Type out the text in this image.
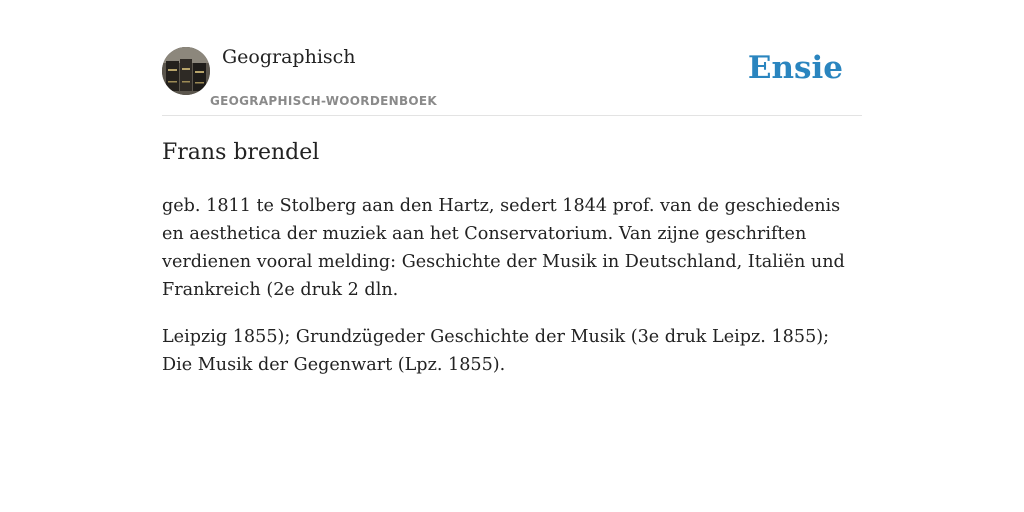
Geographisch
GEOGRAPHISCH-WOORDENBOEK
Ensie
Frans brendel

geb. 1811 te Stolberg aan den Hartz, sedert 1844 prof. van de geschiedenis en aesthetica der muziek aan het Conservatorium. Van zijne geschriften verdienen vooral melding: Geschichte der Musik in Deutschland, Italiën und Frankreich (2e druk 2 dln.

Leipzig 1855); Grundzügeder Geschichte der Musik (3e druk Leipz. 1855); Die Musik der Gegenwart (Lpz. 1855).
